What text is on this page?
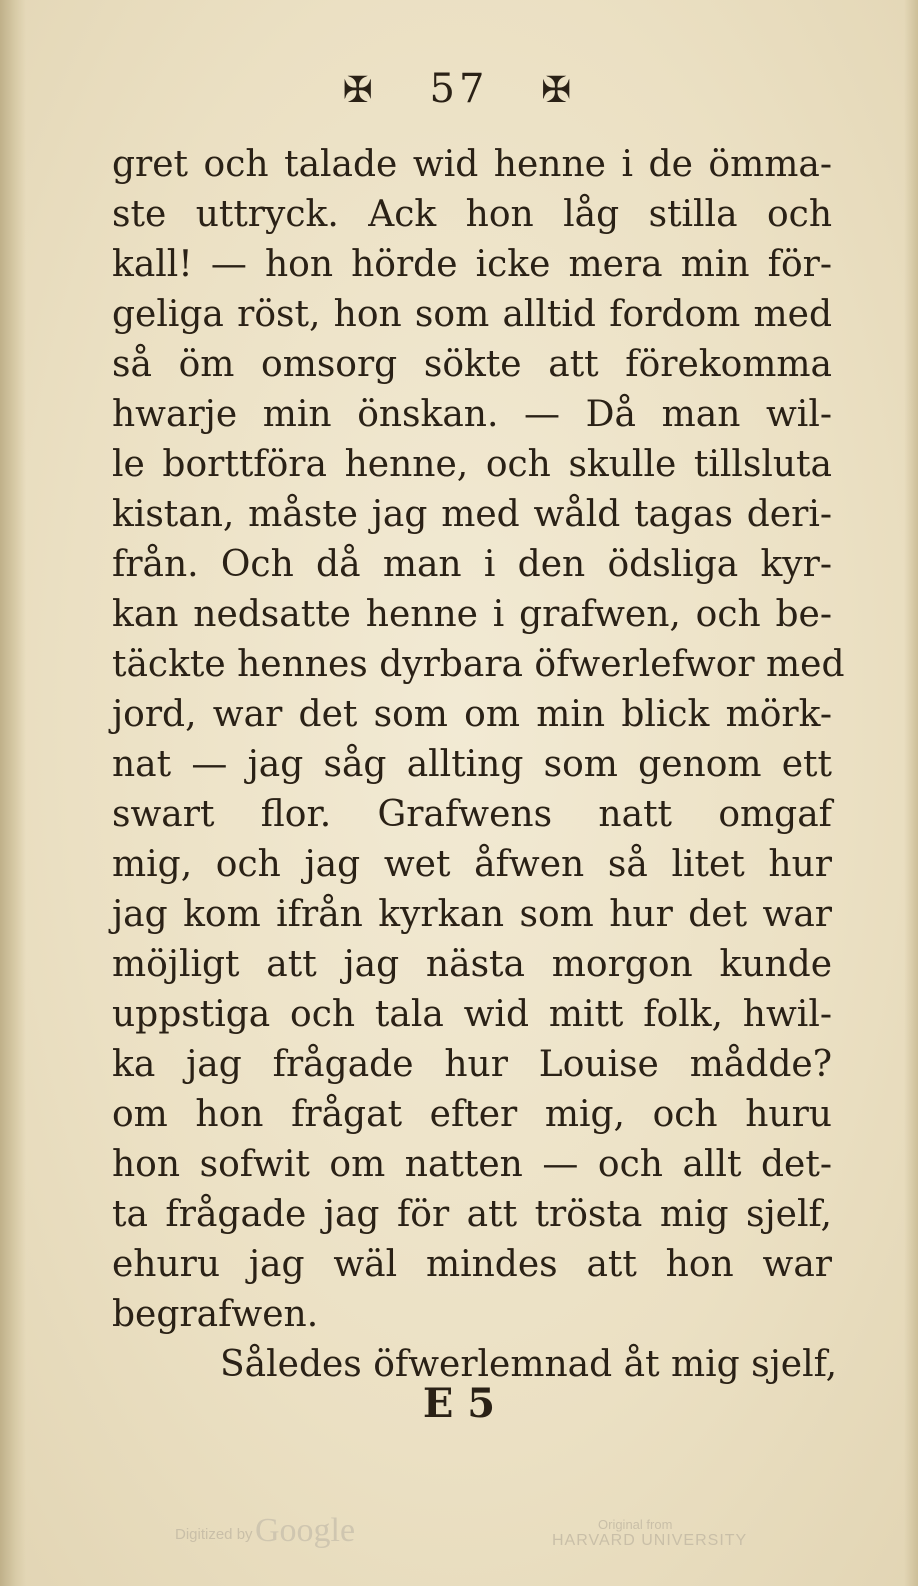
✠ 57 ✠
gret och talade wid henne i de ömma-
ste uttryck. Ack hon låg stilla och
kall! — hon hörde icke mera min för-
geliga röst, hon som alltid fordom med
så öm omsorg sökte att förekomma
hwarje min önskan. — Då man wil-
le borttföra henne, och skulle tillsluta
kistan, måste jag med wåld tagas deri-
från. Och då man i den ödsliga kyr-
kan nedsatte henne i grafwen, och be-
täckte hennes dyrbara öfwerlefwor med
jord, war det som om min blick mörk-
nat — jag såg allting som genom ett
swart flor. Grafwens natt omgaf
mig, och jag wet åfwen så litet hur
jag kom ifrån kyrkan som hur det war
möjligt att jag nästa morgon kunde
uppstiga och tala wid mitt folk, hwil-
ka jag frågade hur Louise mådde?
om hon frågat efter mig, och huru
hon sofwit om natten — och allt det-
ta frågade jag för att trösta mig sjelf,
ehuru jag wäl mindes att hon war
begrafwen.
Således öfwerlemnad åt mig sjelf,
E 5
Digitized by Google	Original from
HARVARD UNIVERSITY
